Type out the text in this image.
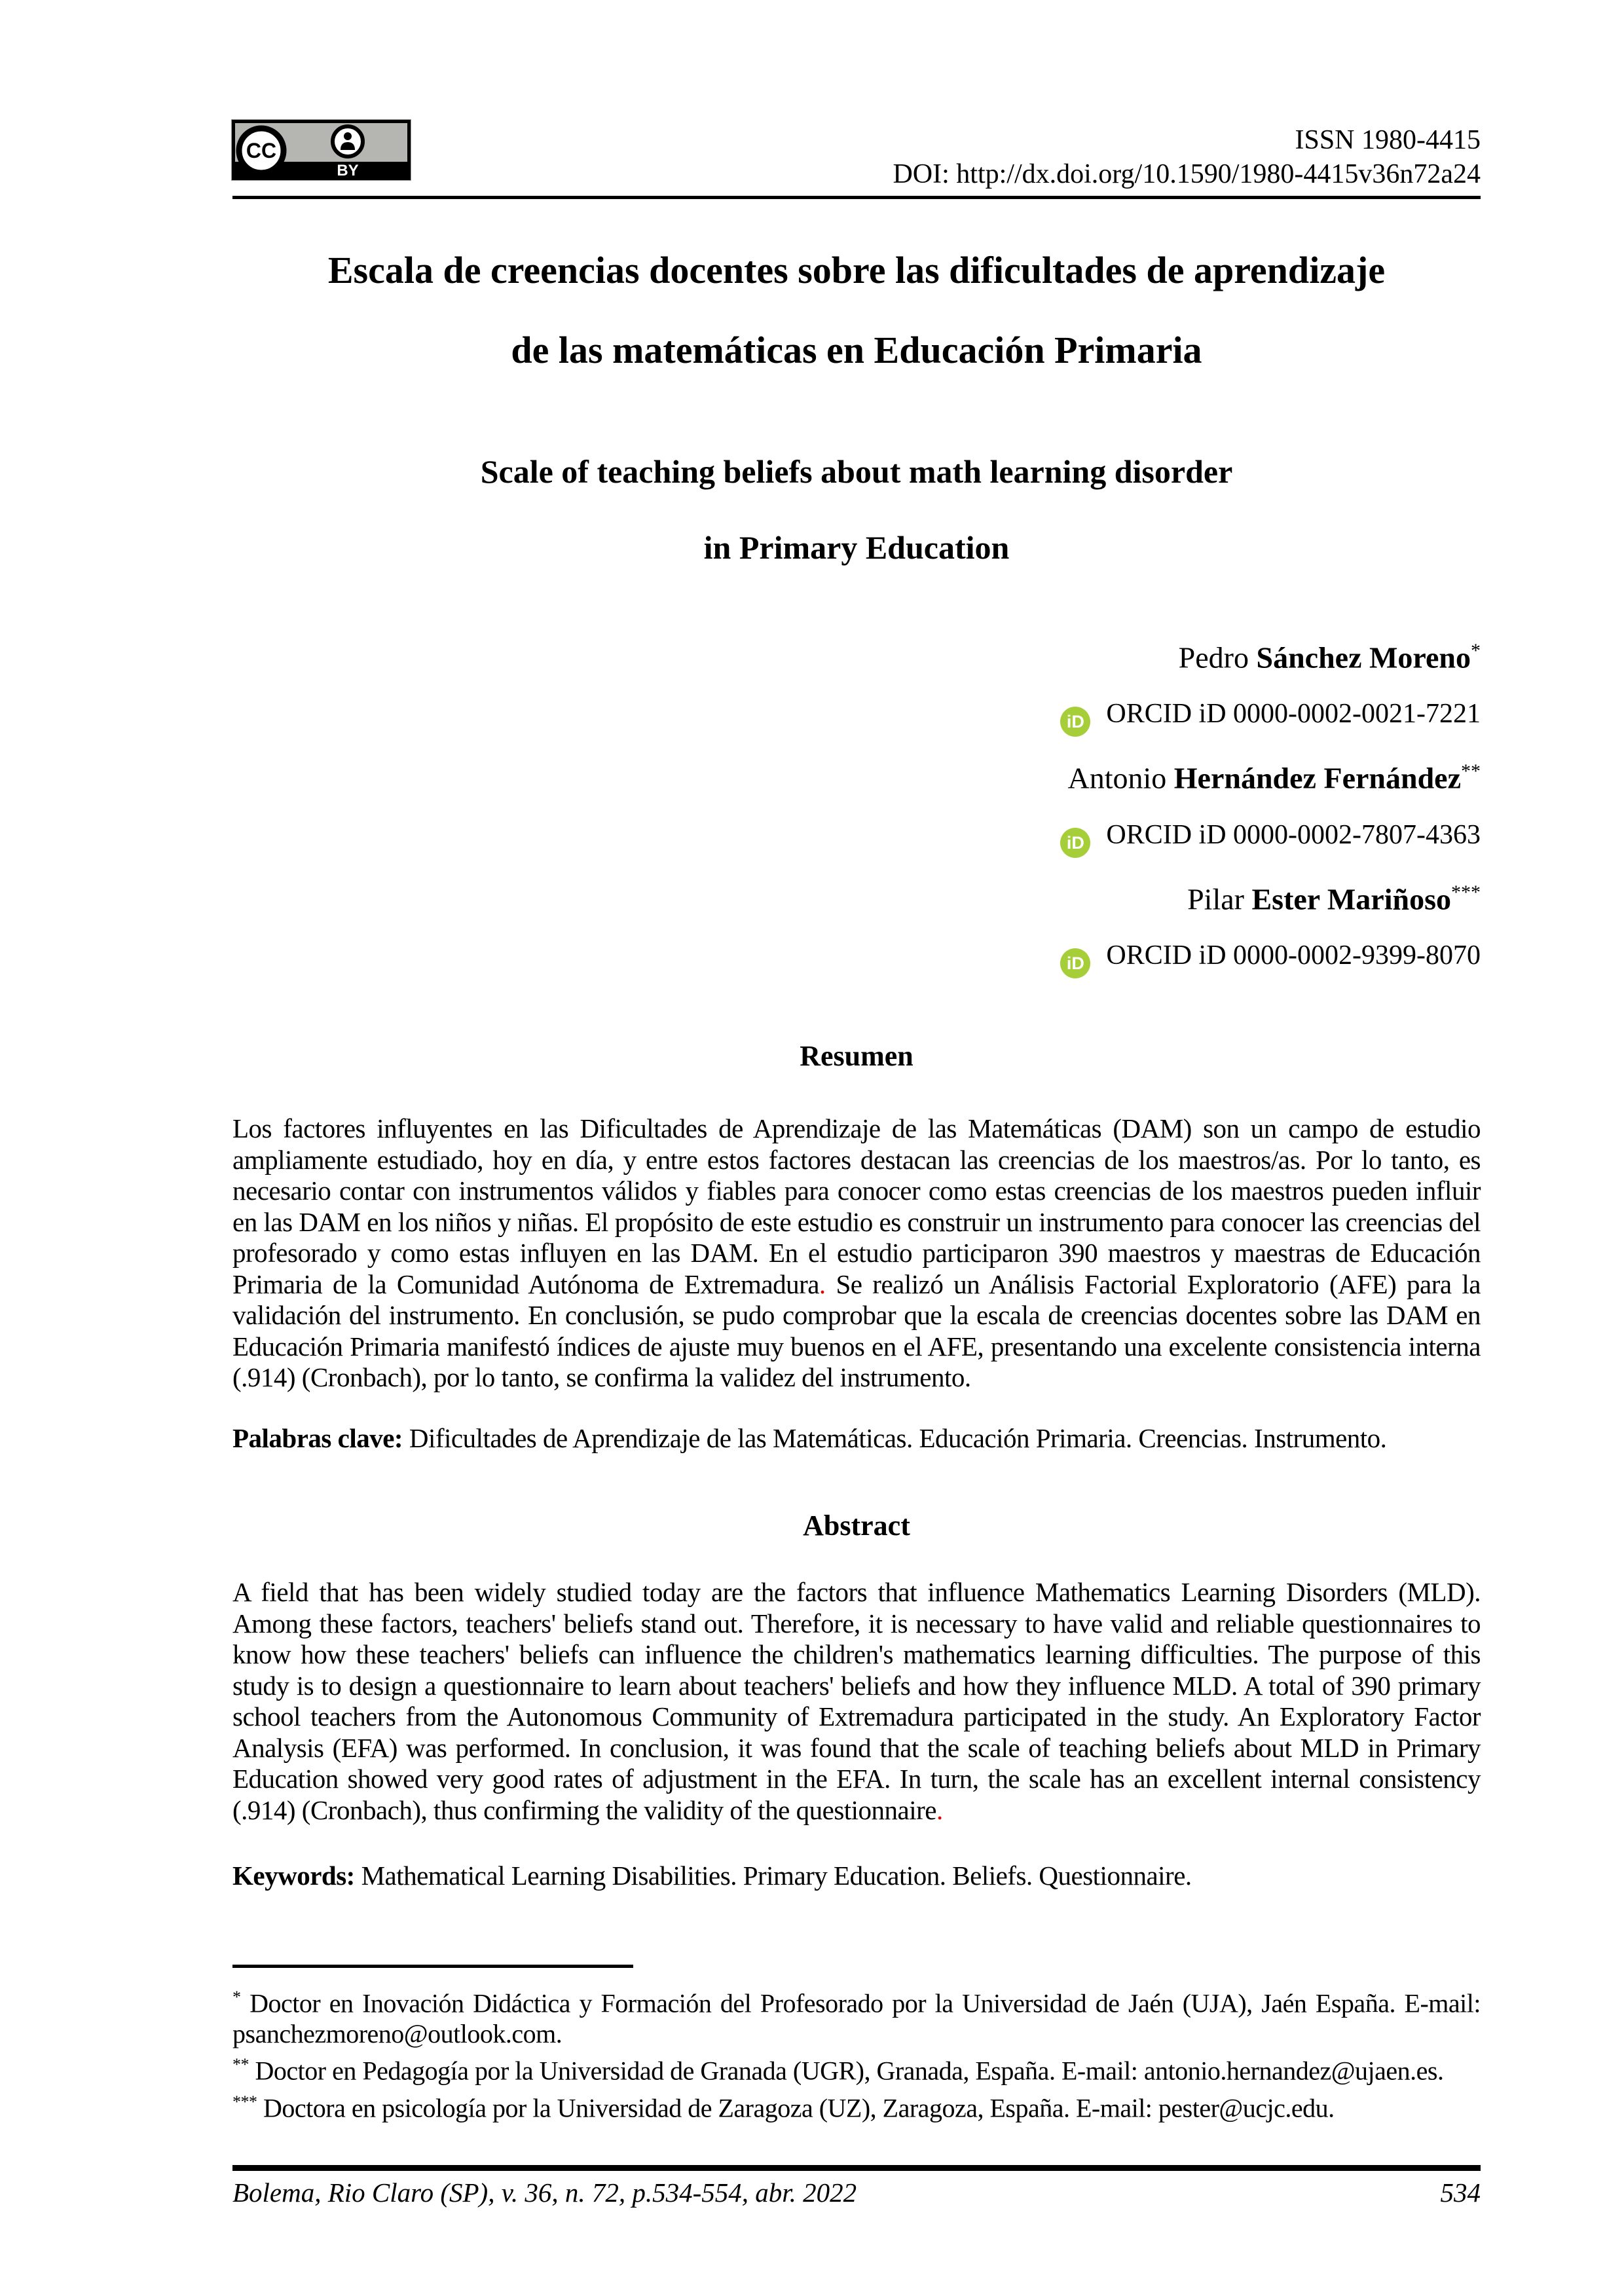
CC
BY
ISSN 1980-4415
DOI: http://dx.doi.org/10.1590/1980-4415v36n72a24
Escala de creencias docentes sobre las dificultades de aprendizaje
de las matemáticas en Educación Primaria
Scale of teaching beliefs about math learning disorder
in Primary Education
Pedro Sánchez Moreno*
iD ORCID iD 0000-0002-0021-7221
Antonio Hernández Fernández**
iD ORCID iD 0000-0002-7807-4363
Pilar Ester Mariñoso***
iD ORCID iD 0000-0002-9399-8070
Resumen

Los factores influyentes en las Dificultades de Aprendizaje de las Matemáticas (DAM) son un campo de estudio ampliamente estudiado, hoy en día, y entre estos factores destacan las creencias de los maestros/as. Por lo tanto, es necesario contar con instrumentos válidos y fiables para conocer como estas creencias de los maestros pueden influir en las DAM en los niños y niñas. El propósito de este estudio es construir un instrumento para conocer las creencias del profesorado y como estas influyen en las DAM. En el estudio participaron 390 maestros y maestras de Educación Primaria de la Comunidad Autónoma de Extremadura. Se realizó un Análisis Factorial Exploratorio (AFE) para la validación del instrumento. En conclusión, se pudo comprobar que la escala de creencias docentes sobre las DAM en Educación Primaria manifestó índices de ajuste muy buenos en el AFE, presentando una excelente consistencia interna (.914) (Cronbach), por lo tanto, se confirma la validez del instrumento.

Palabras clave: Dificultades de Aprendizaje de las Matemáticas. Educación Primaria. Creencias. Instrumento.

Abstract

A field that has been widely studied today are the factors that influence Mathematics Learning Disorders (MLD). Among these factors, teachers' beliefs stand out. Therefore, it is necessary to have valid and reliable questionnaires to know how these teachers' beliefs can influence the children's mathematics learning difficulties. The purpose of this study is to design a questionnaire to learn about teachers' beliefs and how they influence MLD. A total of 390 primary school teachers from the Autonomous Community of Extremadura participated in the study. An Exploratory Factor Analysis (EFA) was performed. In conclusion, it was found that the scale of teaching beliefs about MLD in Primary Education showed very good rates of adjustment in the EFA. In turn, the scale has an excellent internal consistency (.914) (Cronbach), thus confirming the validity of the questionnaire.

Keywords: Mathematical Learning Disabilities. Primary Education. Beliefs. Questionnaire.

* Doctor en Inovación Didáctica y Formación del Profesorado por la Universidad de Jaén (UJA), Jaén España. E-mail: psanchezmoreno@outlook.com.

** Doctor en Pedagogía por la Universidad de Granada (UGR), Granada, España. E-mail: antonio.hernandez@ujaen.es.

*** Doctora en psicología por la Universidad de Zaragoza (UZ), Zaragoza, España. E-mail: pester@ucjc.edu.

Bolema, Rio Claro (SP), v. 36, n. 72, p.534-554, abr. 2022	534
